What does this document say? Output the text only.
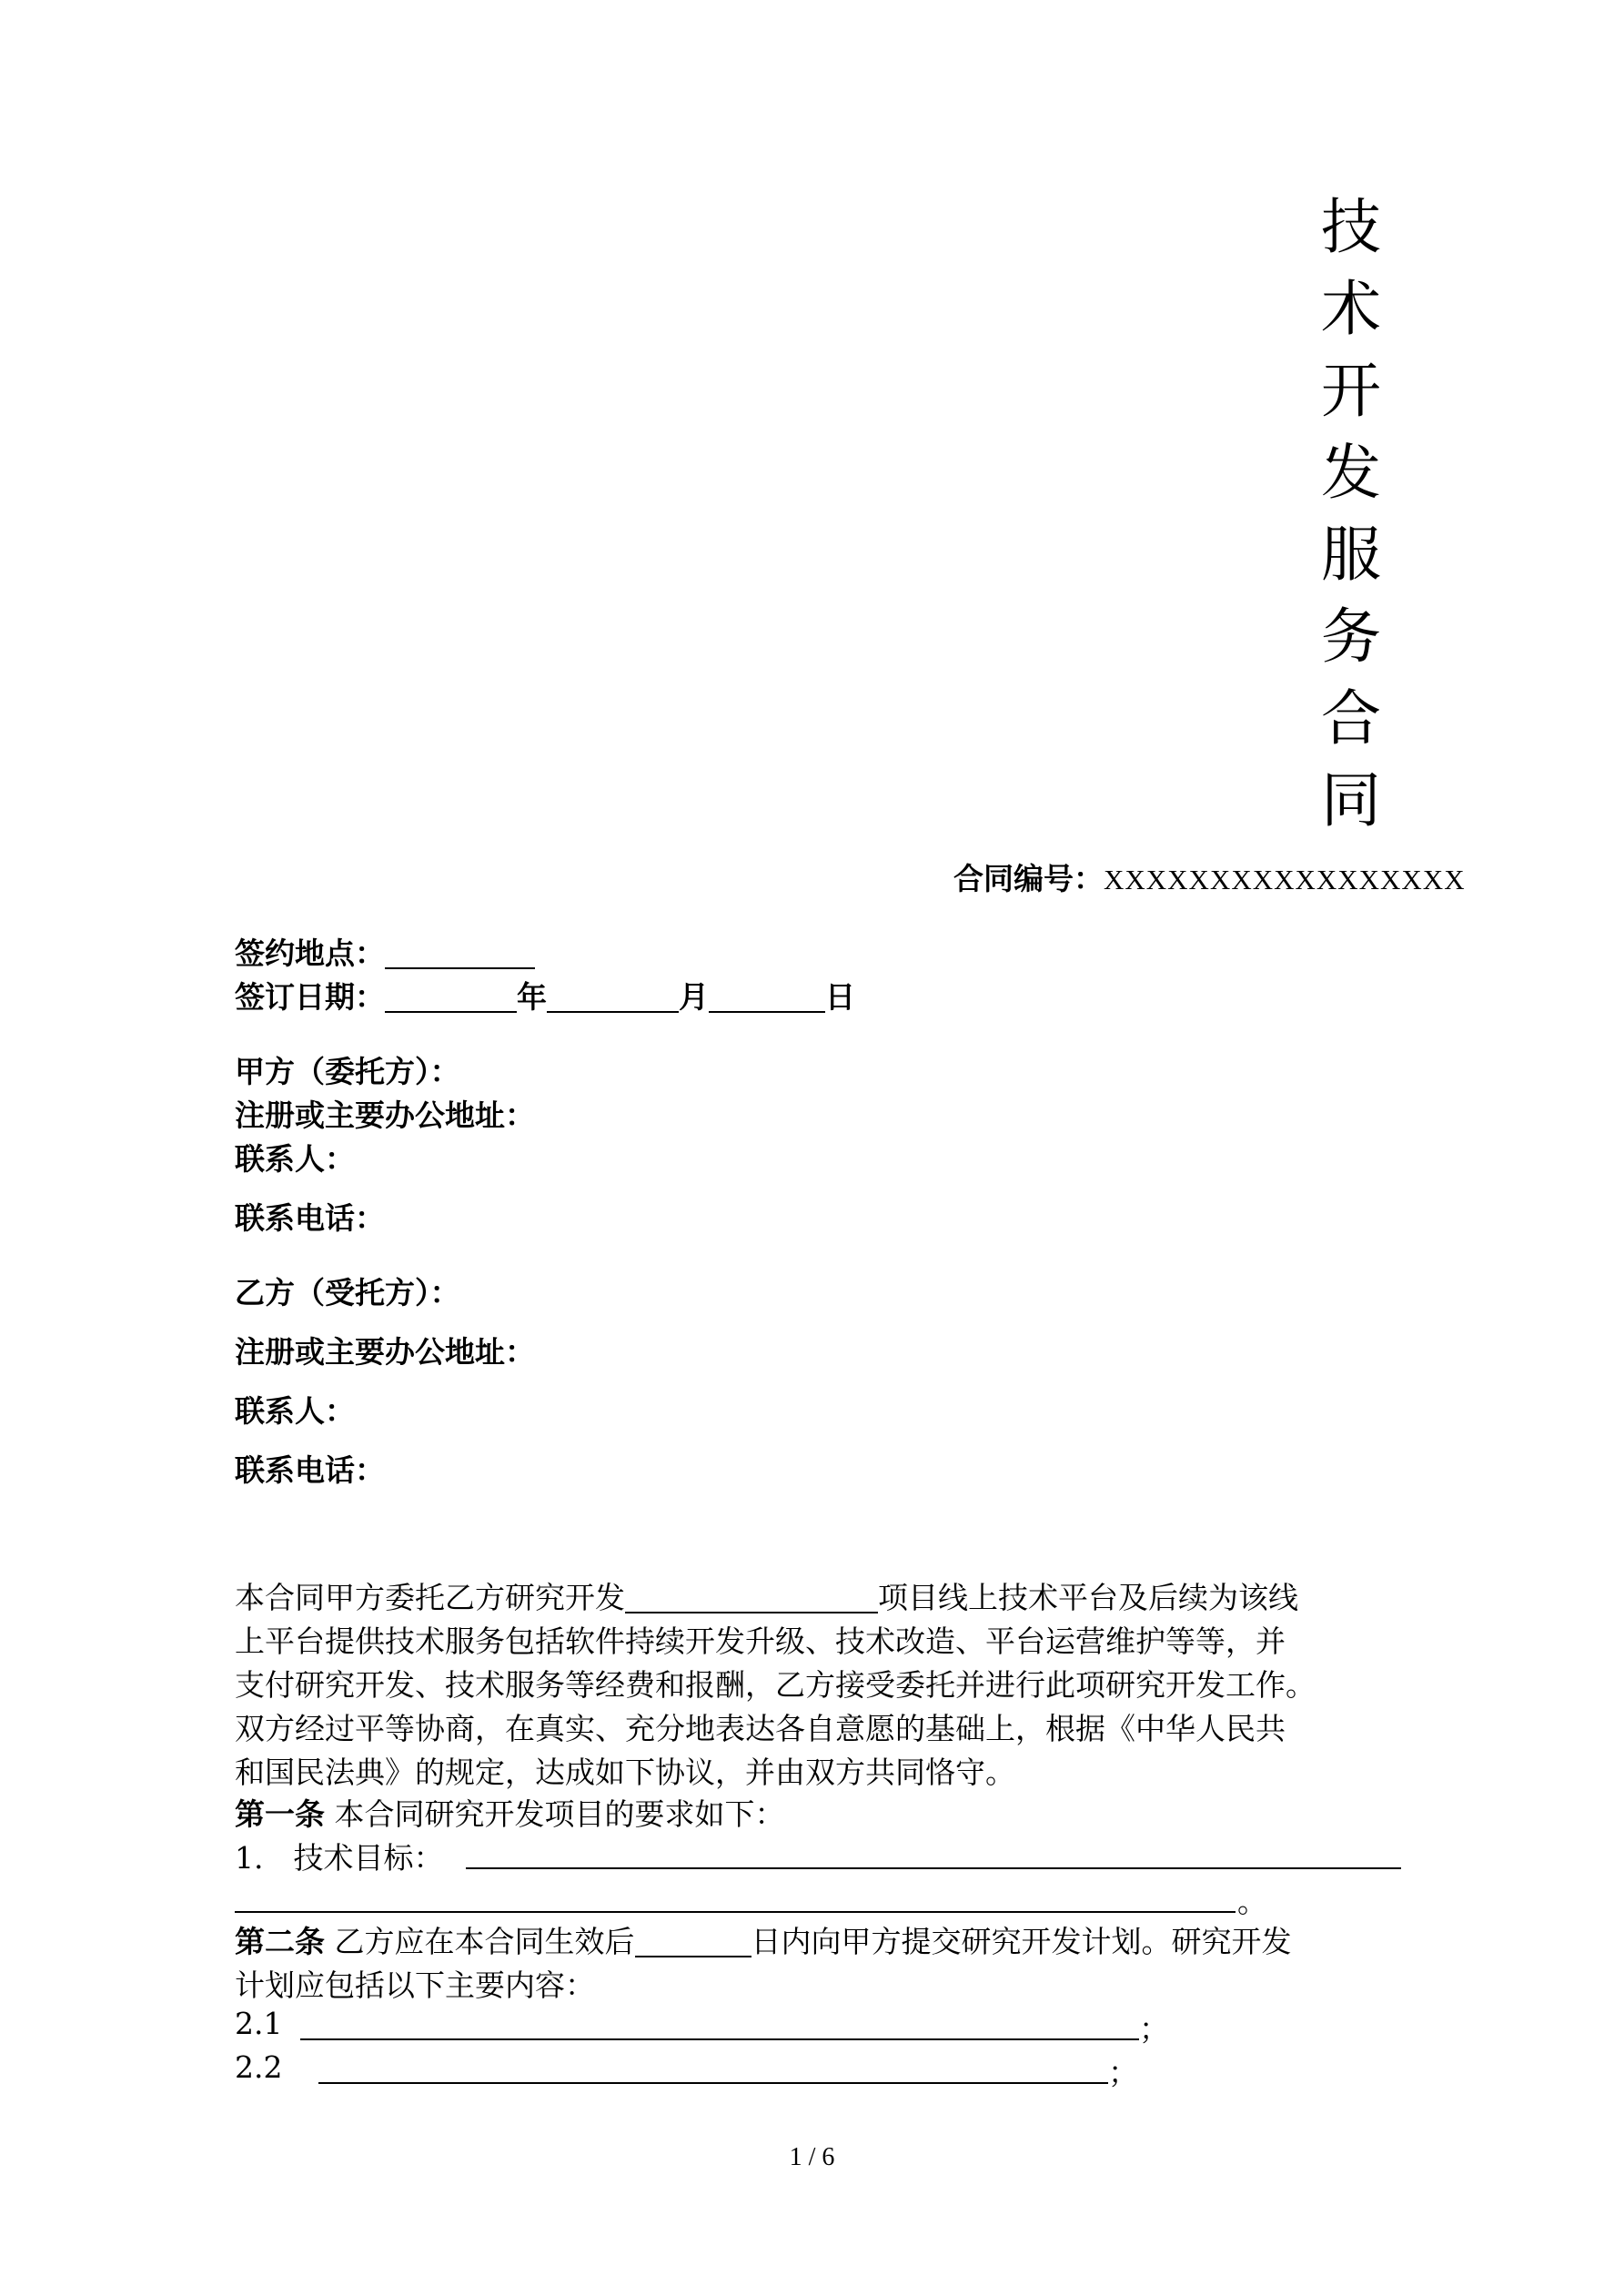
技
术
开
发
服
务
合
同
合同编号：XXXXXXXXXXXXXXXXX
签约地点：
签订日期：	年	月	日
甲方（委托方）：
注册或主要办公地址：
联系人：
联系电话：
乙方（受托方）：
注册或主要办公地址：
联系人：
联系电话：
本合同甲方委托乙方研究开发	项目线上技术平台及后续为该线
上平台提供技术服务包括软件持续开发升级、技术改造、平台运营维护等等，并
支付研究开发、技术服务等经费和报酬，乙方接受委托并进行此项研究开发工作。
双方经过平等协商，在真实、充分地表达各自意愿的基础上，根据《中华人民共
和国民法典》的规定，达成如下协议，并由双方共同恪守。
第一条 本合同研究开发项目的要求如下：
1.　技术目标：
。
第二条 乙方应在本合同生效后	日内向甲方提交研究开发计划。研究开发
计划应包括以下主要内容：
2.1	；
2.2	；
1 / 6
